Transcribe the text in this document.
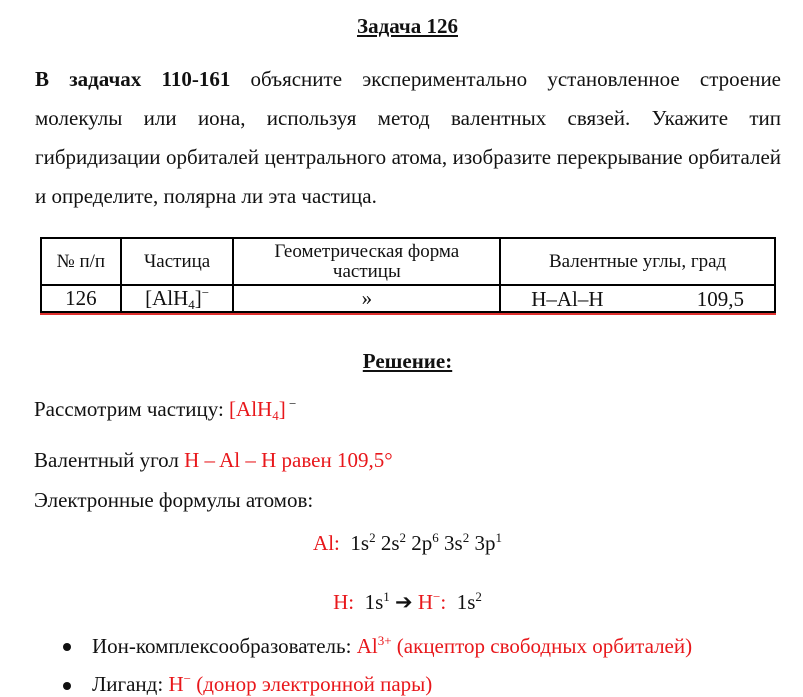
Задача 126
В задачах 110-161 объясните экспериментально установленное строение молекулы или иона, используя метод валентных связей. Укажите тип гибридизации орбиталей центрального атома, изобразите перекрывание орбиталей и определите, полярна ли эта частица.
№ п/п	Частица	Геометрическая форма частицы	Валентные углы, град
126	[AlH$_4$]−	»	H–Al–H 109,5

Решение:
Рассмотрим частицу: [AlH$_4$] −
Валентный угол H – Al – H равен 109,5°
Электронные формулы атомов:
Al: $1s^2$ $2s^2$ $2p^6$ $3s^2$ $3p^1$
H: $1s^1$ ➔ H−: $1s^2$
Ион-комплексообразователь: $Al^{3+}$ (акцептор свободных орбиталей)
Лиганд: H− (донор электронной пары)
